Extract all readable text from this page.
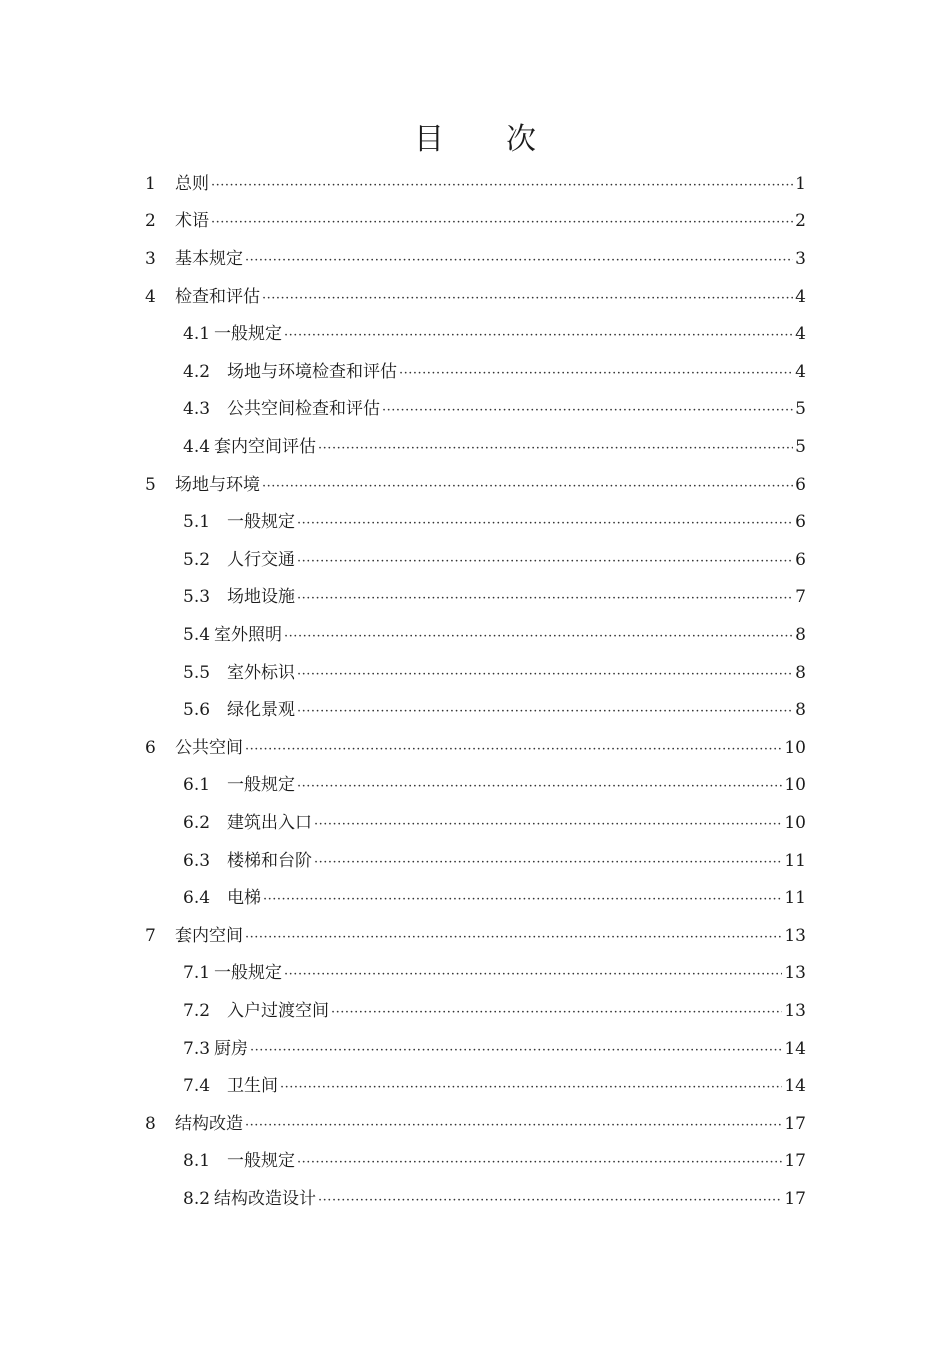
目 次
1	总则 ·····	1
2	术语 ·····	2
3	基本规定 ·····	3
4	检查和评估 ·····	4
4.1 一般规定 ·····	4
4.2 场地与环境检查和评估 ·····	4
4.3 公共空间检查和评估 ·····	5
4.4 套内空间评估 ·····	5
5	场地与环境 ·····	6
5.1 一般规定 ·····	6
5.2 人行交通 ·····	6
5.3 场地设施 ·····	7
5.4 室外照明 ·····	8
5.5 室外标识 ·····	8
5.6 绿化景观 ·····	8
6	公共空间 ·····	10
6.1 一般规定 ·····	10
6.2 建筑出入口 ·····	10
6.3 楼梯和台阶 ·····	11
6.4 电梯 ·····	11
7	套内空间 ·····	13
7.1 一般规定 ·····	13
7.2 入户过渡空间 ·····	13
7.3 厨房 ·····	14
7.4 卫生间 ·····	14
8	结构改造 ·····	17
8.1 一般规定 ·····	17
8.2 结构改造设计 ·····	17
